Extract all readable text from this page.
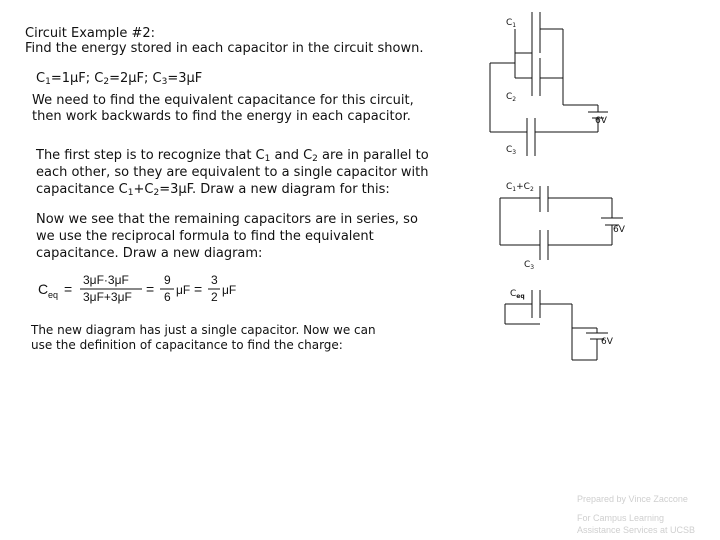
Circuit Example #2:
Find the energy stored in each capacitor in the circuit shown.
$C_1=1\mu F$; $C_2=2\mu F$; $C_3=3\mu F$
We need to find the equivalent capacitance for this circuit,
then work backwards to find the energy in each capacitor.
The first step is to recognize that $C_1$ and $C_2$ are in parallel to
each other, so they are equivalent to a single capacitor with
capacitance $C_1+C_2=3\mu F$. Draw a new diagram for this:
Now we see that the remaining capacitors are in series, so
we use the reciprocal formula to find the equivalent
capacitance. Draw a new diagram:
C eq =
3μF·3μF
3μF+3μF =
9
6 μF =
3
2 μF
The new diagram has just a single capacitor. Now we can
use the definition of capacitance to find the charge:
$C_1$
$C_2$
$C_3$
6V
$C_1+C_2$
$C_3$
6V
$C_{eq}$
6V
Prepared by Vince Zaccone
For Campus Learning
Assistance Services at UCSB
